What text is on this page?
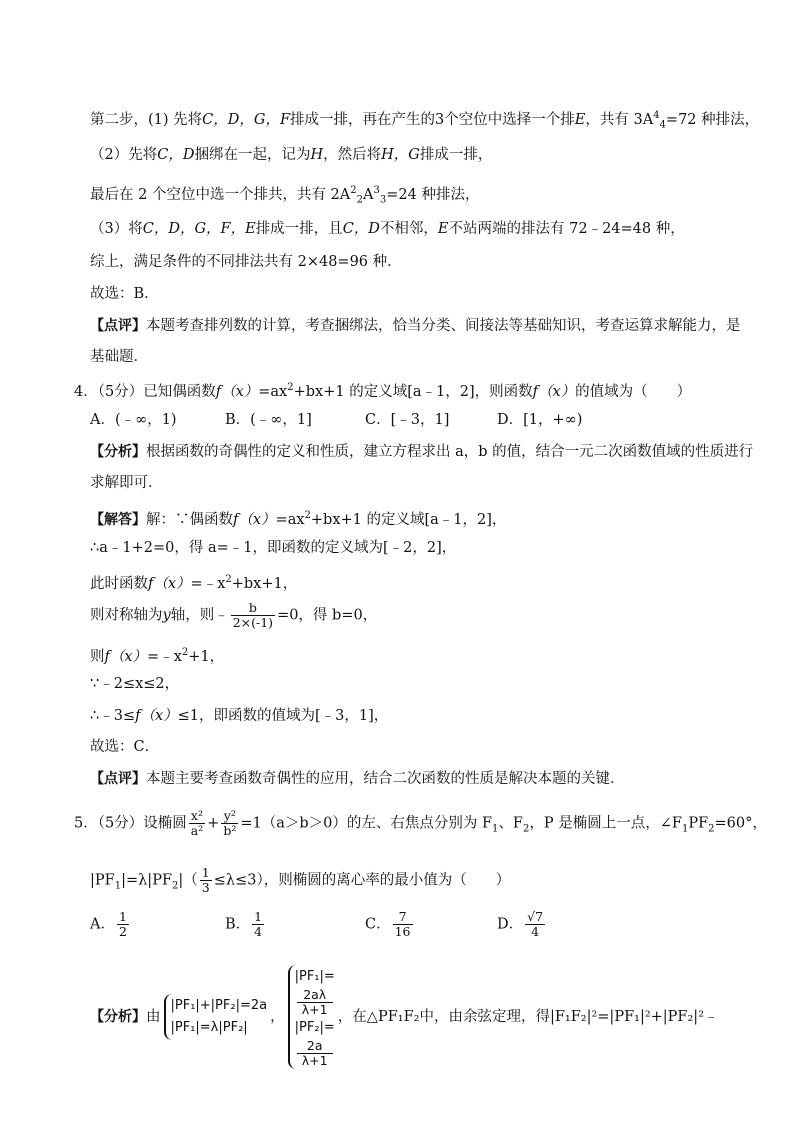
第二步，(1) 先将C，D，G，F排成一排，再在产生的3个空位中选择一个排E，共有 $3A^4_4=72$ 种排法，
（2）先将C，D捆绑在一起，记为H，然后将H，G排成一排，
最后在 2 个空位中选一个排共，共有 $2A^2_2A^3_3=24$ 种排法，
（3）将C，D，G，F，E排成一排，且C，D不相邻，E不站两端的排法有 72﹣24=48 种，
综上，满足条件的不同排法共有 2×48=96 种．
故选：B．
【点评】本题考查排列数的计算，考查捆绑法，恰当分类、间接法等基础知识，考查运算求解能力，是
基础题．
4．（5分）已知偶函数$f(x)=ax^2+bx+1$ 的定义域[a﹣1，2]，则函数f（x）的值域为（　　）
A．(﹣∞，1)	B．(﹣∞，1]	C．[﹣3，1]	D．[1，+∞)
【分析】根据函数的奇偶性的定义和性质，建立方程求出 a，b 的值，结合一元二次函数值域的性质进行
求解即可．
【解答】解：∵偶函数$f(x)=ax^2+bx+1$ 的定义域[a﹣1，2]，
∴a﹣1+2=0，得 a=﹣1，即函数的定义域为[﹣2，2]，
此时函数$f(x)=﹣x^2+bx+1$，
则对称轴为y轴，则﹣ $\frac{b}{2\times(-1)} =0$，得 b=0，
则$f(x)=﹣x^2+1$，
∵﹣2≤x≤2，
∴﹣3≤f（x）≤1，即函数的值域为[﹣3，1]，
故选：C．
【点评】本题主要考查函数奇偶性的应用，结合二次函数的性质是解决本题的关键．
5．（5分）设椭圆 $\frac{\text{x²}}{\text{a²}} + \frac{\text{y²}}{\text{b²}} =1(a>b>0)$的左、右焦点分别为 $F_1$、$F_2$，P 是椭圆上一点，$\angle F_1PF_2=60^\circ$，
$|PF_1|=\lambda|PF_2|( \frac{1}{3} \le\lambda\le 3)$，则椭圆的离心率的最小值为（　　）
A． $\frac{1}{2}$	B． $\frac{1}{4}$	C． $\frac{7}{16}$	D． $\frac{√7}{4}$
【分析】由
|PF₁|+|PF₂|=2a
|PF₁|=λ|PF₂|
，
|PF₁|=
2aλ
λ+1
|PF₂|=
2a
λ+1
，在△PF₁F₂中，由余弦定理，得|F₁F₂|²=|PF₁|²+|PF₂|²﹣
